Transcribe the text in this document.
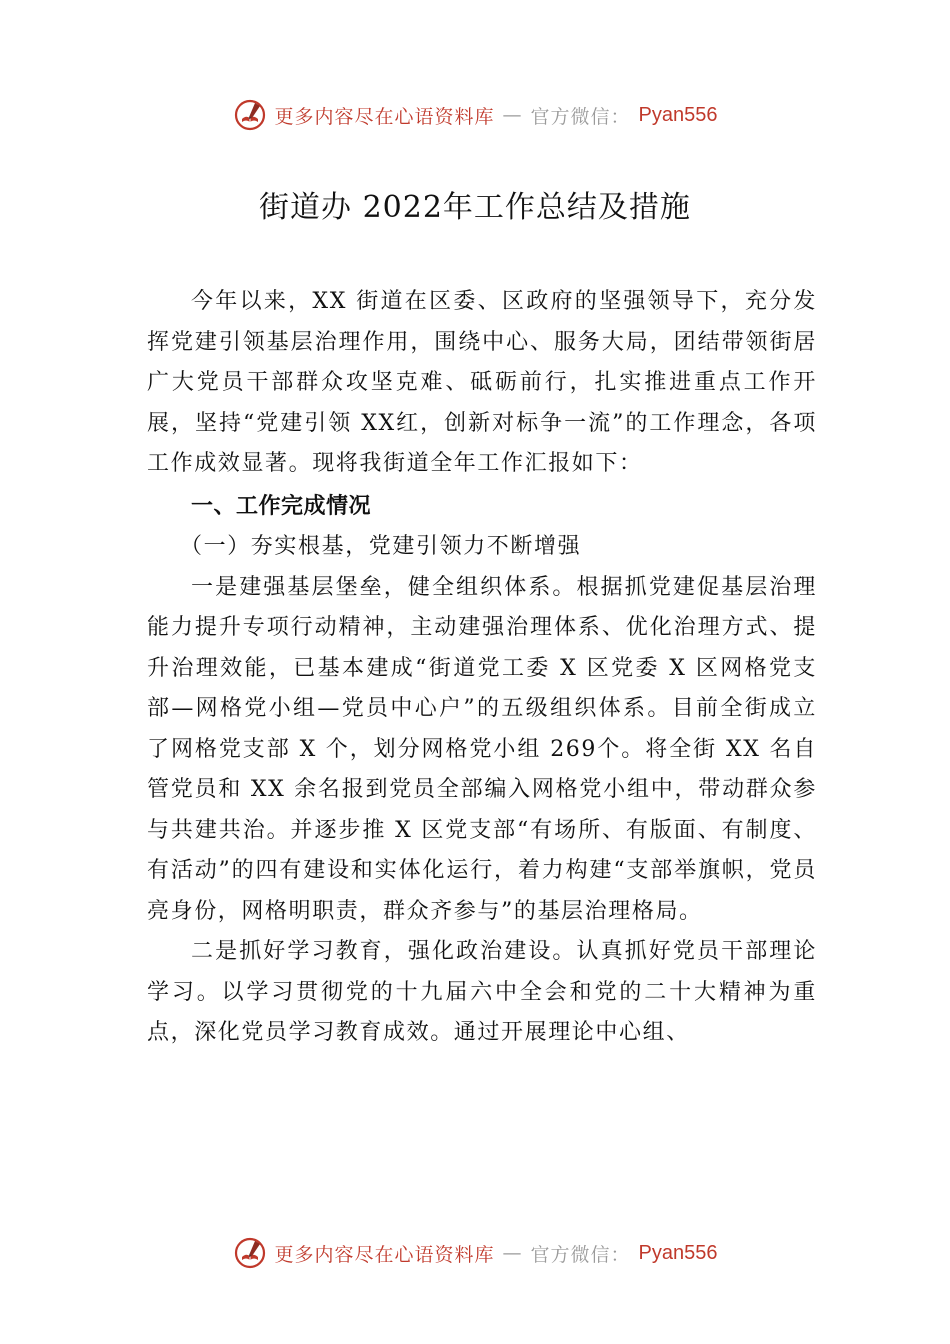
更多内容尽在心语资料库 — 官方微信： Pyan556
街道办 2022年工作总结及措施

今年以来，XX 街道在区委、区政府的坚强领导下，充分发挥党建引领基层治理作用，围绕中心、服务大局，团结带领街居广大党员干部群众攻坚克难、砥砺前行，扎实推进重点工作开展，坚持“党建引领 XX红，创新对标争一流”的工作理念，各项工作成效显著。现将我街道全年工作汇报如下：

一、工作完成情况

（一）夯实根基，党建引领力不断增强

一是建强基层堡垒，健全组织体系。根据抓党建促基层治理能力提升专项行动精神，主动建强治理体系、优化治理方式、提升治理效能，已基本建成“街道党工委 X 区党委 X 区网格党支部—网格党小组—党员中心户”的五级组织体系。目前全街成立了网格党支部 X 个，划分网格党小组 269个。将全街 XX 名自管党员和 XX 余名报到党员全部编入网格党小组中，带动群众参与共建共治。并逐步推 X 区党支部“有场所、有版面、有制度、有活动”的四有建设和实体化运行，着力构建“支部举旗帜，党员亮身份，网格明职责，群众齐参与”的基层治理格局。

二是抓好学习教育，强化政治建设。认真抓好党员干部理论学习。以学习贯彻党的十九届六中全会和党的二十大精神为重点，深化党员学习教育成效。通过开展理论中心组、

更多内容尽在心语资料库 — 官方微信： Pyan556
